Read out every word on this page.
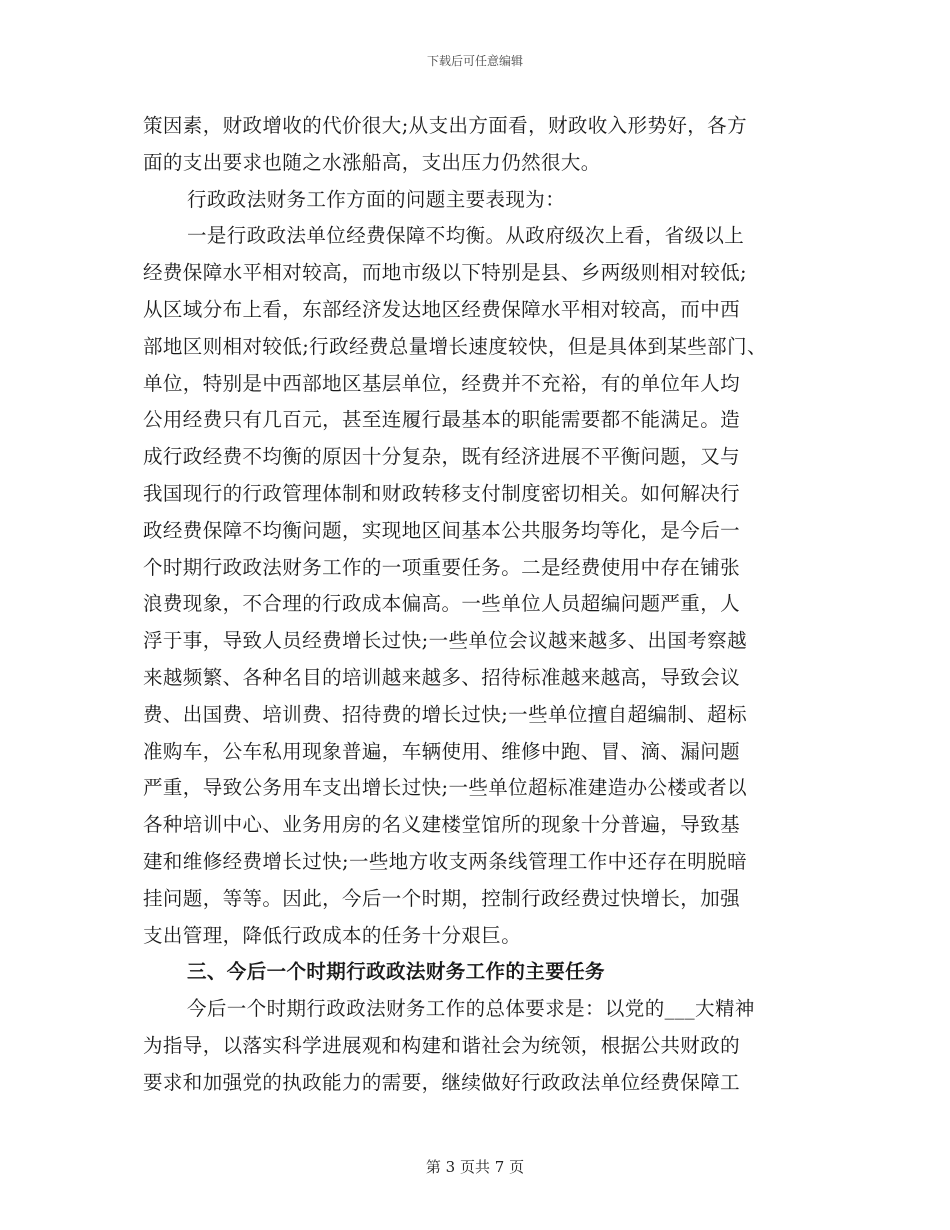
下载后可任意编辑
策因素，财政增收的代价很大;从支出方面看，财政收入形势好，各方
面的支出要求也随之水涨船高，支出压力仍然很大。
行政政法财务工作方面的问题主要表现为：
一是行政政法单位经费保障不均衡。从政府级次上看，省级以上
经费保障水平相对较高，而地市级以下特别是县、乡两级则相对较低;
从区域分布上看，东部经济发达地区经费保障水平相对较高，而中西
部地区则相对较低;行政经费总量增长速度较快，但是具体到某些部门、
单位，特别是中西部地区基层单位，经费并不充裕，有的单位年人均
公用经费只有几百元，甚至连履行最基本的职能需要都不能满足。造
成行政经费不均衡的原因十分复杂，既有经济进展不平衡问题，又与
我国现行的行政管理体制和财政转移支付制度密切相关。如何解决行
政经费保障不均衡问题，实现地区间基本公共服务均等化，是今后一
个时期行政政法财务工作的一项重要任务。二是经费使用中存在铺张
浪费现象，不合理的行政成本偏高。一些单位人员超编问题严重，人
浮于事，导致人员经费增长过快;一些单位会议越来越多、出国考察越
来越频繁、各种名目的培训越来越多、招待标准越来越高，导致会议
费、出国费、培训费、招待费的增长过快;一些单位擅自超编制、超标
准购车，公车私用现象普遍，车辆使用、维修中跑、冒、滴、漏问题
严重，导致公务用车支出增长过快;一些单位超标准建造办公楼或者以
各种培训中心、业务用房的名义建楼堂馆所的现象十分普遍，导致基
建和维修经费增长过快;一些地方收支两条线管理工作中还存在明脱暗
挂问题，等等。因此，今后一个时期，控制行政经费过快增长，加强
支出管理，降低行政成本的任务十分艰巨。
三、今后一个时期行政政法财务工作的主要任务
今后一个时期行政政法财务工作的总体要求是：以党的___大精神
为指导，以落实科学进展观和构建和谐社会为统领，根据公共财政的
要求和加强党的执政能力的需要，继续做好行政政法单位经费保障工
第 3 页共 7 页
